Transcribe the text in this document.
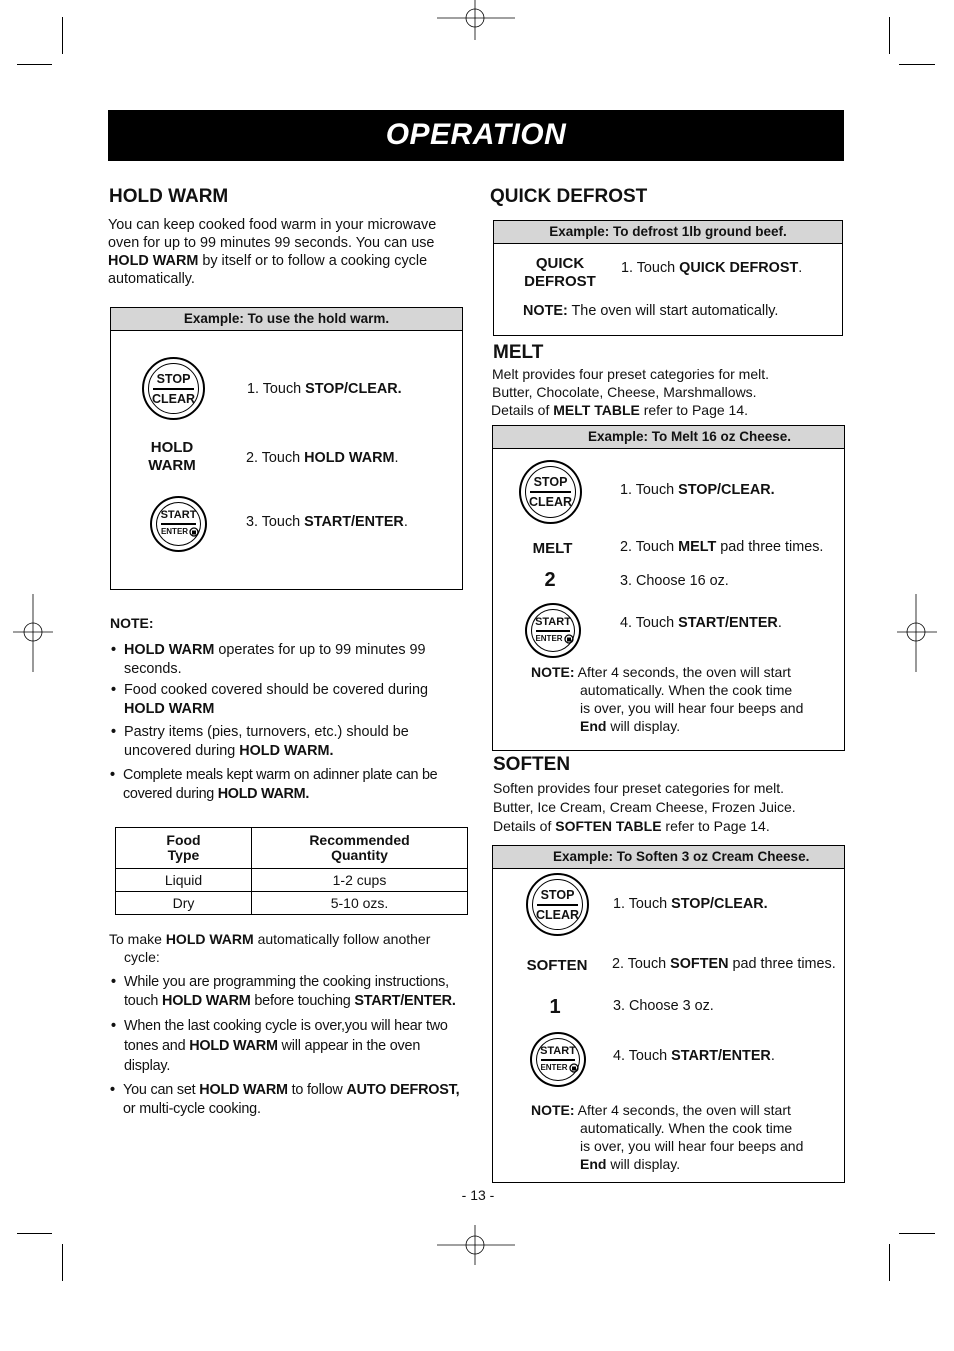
OPERATION
HOLD WARM
You can keep cooked food warm in your microwave
oven for up to 99 minutes 99 seconds. You can use
HOLD WARM by itself or to follow a cooking cycle
automatically.
Example: To use the hold warm.
STOP
CLEAR
1. Touch STOP/CLEAR.
HOLD
WARM	2. Touch HOLD WARM.
START
ENTER
3. Touch START/ENTER.
NOTE:
• HOLD WARM operates for up to 99 minutes 99
seconds.
• Food cooked covered should be covered during
HOLD WARM
• Pastry items (pies, turnovers, etc.) should be
uncovered during HOLD WARM.
• Complete meals kept warm on adinner plate can be
covered during HOLD WARM.
Food
Type	Recommended
Quantity
Liquid	1-2 cups
Dry	5-10 ozs.
To make HOLD WARM automatically follow another
cycle:
• While you are programming the cooking instructions,
touch HOLD WARM before touching START/ENTER.
• When the last cooking cycle is over,you will hear two
tones and HOLD WARM will appear in the oven
display.
• You can set HOLD WARM to follow AUTO DEFROST,
or multi-cycle cooking.
QUICK DEFROST
Example: To defrost 1lb ground beef.
QUICK
DEFROST
1. Touch QUICK DEFROST.
NOTE: The oven will start automatically.
MELT
Melt provides four preset categories for melt.
Butter, Chocolate, Cheese, Marshmallows.
Details of MELT TABLE refer to Page 14.
Example: To Melt 16 oz Cheese.
STOP
CLEAR
1. Touch STOP/CLEAR.
MELT	2. Touch MELT pad three times.
2	3. Choose 16 oz.
START
ENTER
4. Touch START/ENTER.
NOTE: After 4 seconds, the oven will start
automatically. When the cook time
is over, you will hear four beeps and
End will display.
SOFTEN
Soften provides four preset categories for melt.
Butter, Ice Cream, Cream Cheese, Frozen Juice.
Details of SOFTEN TABLE refer to Page 14.
Example: To Soften 3 oz Cream Cheese.
STOP
CLEAR
1. Touch STOP/CLEAR.
SOFTEN	2. Touch SOFTEN pad three times.
1	3. Choose 3 oz.
START
ENTER
4. Touch START/ENTER.
NOTE: After 4 seconds, the oven will start
automatically. When the cook time
is over, you will hear four beeps and
End will display.
- 13 -
